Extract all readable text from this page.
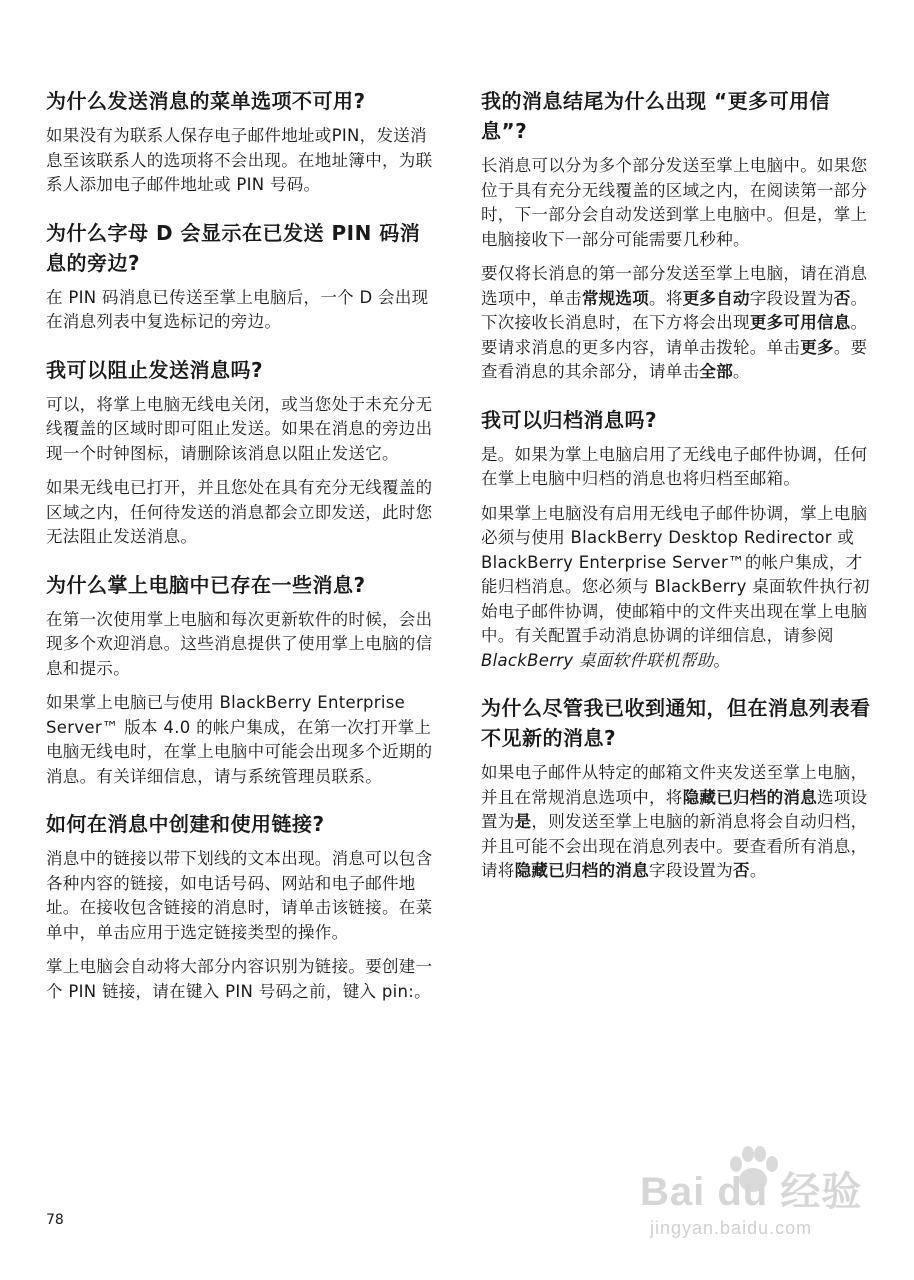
为什么发送消息的菜单选项不可用?
如果没有为联系人保存电子邮件地址或PIN，发送消息至该联系人的选项将不会出现。在地址簿中，为联系人添加电子邮件地址或 PIN 号码。
为什么字母 D 会显示在已发送 PIN 码消息的旁边?
在 PIN 码消息已传送至掌上电脑后，一个 D 会出现在消息列表中复选标记的旁边。
我可以阻止发送消息吗?
可以，将掌上电脑无线电关闭，或当您处于未充分无线覆盖的区域时即可阻止发送。如果在消息的旁边出现一个时钟图标，请删除该消息以阻止发送它。
如果无线电已打开，并且您处在具有充分无线覆盖的区域之内，任何待发送的消息都会立即发送，此时您无法阻止发送消息。
为什么掌上电脑中已存在一些消息?
在第一次使用掌上电脑和每次更新软件的时候，会出现多个欢迎消息。这些消息提供了使用掌上电脑的信息和提示。
如果掌上电脑已与使用 BlackBerry Enterprise Server™ 版本 4.0 的帐户集成，在第一次打开掌上电脑无线电时，在掌上电脑中可能会出现多个近期的消息。有关详细信息，请与系统管理员联系。
如何在消息中创建和使用链接?
消息中的链接以带下划线的文本出现。消息可以包含各种内容的链接，如电话号码、网站和电子邮件地址。在接收包含链接的消息时，请单击该链接。在菜单中，单击应用于选定链接类型的操作。
掌上电脑会自动将大部分内容识别为链接。要创建一个 PIN 链接，请在键入 PIN 号码之前，键入 pin:。
我的消息结尾为什么出现 “更多可用信息”?
长消息可以分为多个部分发送至掌上电脑中。如果您位于具有充分无线覆盖的区域之内，在阅读第一部分时，下一部分会自动发送到掌上电脑中。但是，掌上电脑接收下一部分可能需要几秒种。
要仅将长消息的第一部分发送至掌上电脑，请在消息选项中，单击常规选项。将更多自动字段设置为否。下次接收长消息时，在下方将会出现更多可用信息。要请求消息的更多内容，请单击拨轮。单击更多。要查看消息的其余部分，请单击全部。
我可以归档消息吗?
是。如果为掌上电脑启用了无线电子邮件协调，任何在掌上电脑中归档的消息也将归档至邮箱。
如果掌上电脑没有启用无线电子邮件协调，掌上电脑必须与使用 BlackBerry Desktop Redirector 或 BlackBerry Enterprise Server™的帐户集成，才能归档消息。您必须与 BlackBerry 桌面软件执行初始电子邮件协调，使邮箱中的文件夹出现在掌上电脑中。有关配置手动消息协调的详细信息，请参阅BlackBerry 桌面软件联机帮助。
为什么尽管我已收到通知，但在消息列表看不见新的消息?
如果电子邮件从特定的邮箱文件夹发送至掌上电脑，并且在常规消息选项中，将隐藏已归档的消息选项设置为是，则发送至掌上电脑的新消息将会自动归档，并且可能不会出现在消息列表中。要查看所有消息，请将隐藏已归档的消息字段设置为否。
78
Bai du 经验
jingyan.baidu.com
